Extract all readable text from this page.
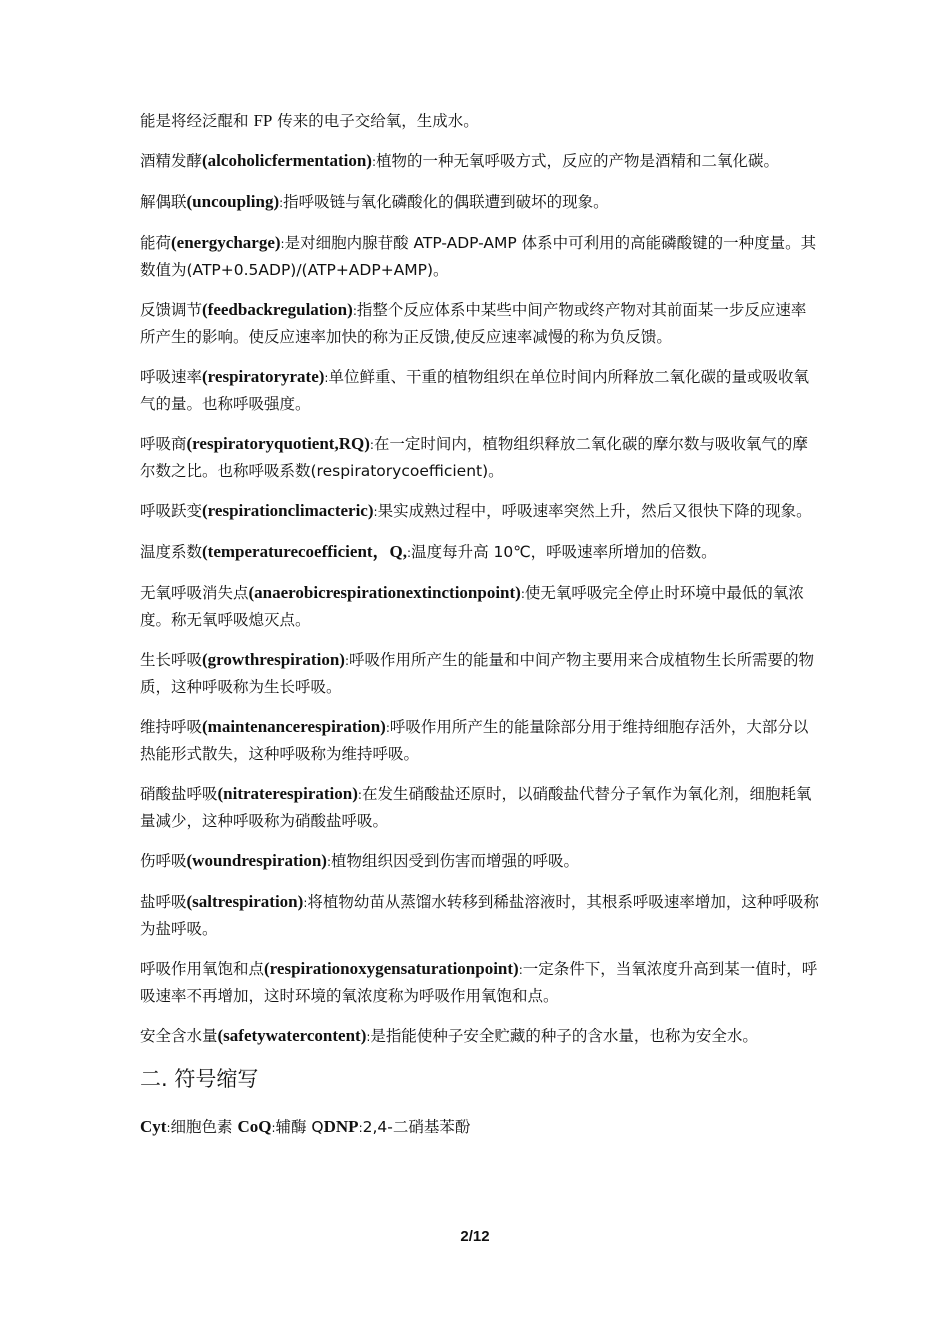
能是将经泛醌和 FP 传来的电子交给氧，生成水。

酒精发酵(alcoholicfermentation):植物的一种无氧呼吸方式，反应的产物是酒精和二氧化碳。

解偶联(uncoupling):指呼吸链与氧化磷酸化的偶联遭到破坏的现象。

能荷(energycharge):是对细胞内腺苷酸 ATP-ADP-AMP 体系中可利用的高能磷酸键的一种度量。其数值为(ATP+0.5ADP)/(ATP+ADP+AMP)。

反馈调节(feedbackregulation):指整个反应体系中某些中间产物或终产物对其前面某一步反应速率所产生的影响。使反应速率加快的称为正反馈,使反应速率减慢的称为负反馈。

呼吸速率(respiratoryrate):单位鲜重、干重的植物组织在单位时间内所释放二氧化碳的量或吸收氧气的量。也称呼吸强度。

呼吸商(respiratoryquotient,RQ):在一定时间内，植物组织释放二氧化碳的摩尔数与吸收氧气的摩尔数之比。也称呼吸系数(respiratorycoefficient)。

呼吸跃变(respirationclimacteric):果实成熟过程中，呼吸速率突然上升，然后又很快下降的现象。

温度系数(temperaturecoefficient，Q,:温度每升高 10℃，呼吸速率所增加的倍数。

无氧呼吸消失点(anaerobicrespirationextinctionpoint):使无氧呼吸完全停止时环境中最低的氧浓度。称无氧呼吸熄灭点。

生长呼吸(growthrespiration):呼吸作用所产生的能量和中间产物主要用来合成植物生长所需要的物质，这种呼吸称为生长呼吸。

维持呼吸(maintenancerespiration):呼吸作用所产生的能量除部分用于维持细胞存活外，大部分以热能形式散失，这种呼吸称为维持呼吸。

硝酸盐呼吸(nitraterespiration):在发生硝酸盐还原时，以硝酸盐代替分子氧作为氧化剂，细胞耗氧量减少，这种呼吸称为硝酸盐呼吸。

伤呼吸(woundrespiration):植物组织因受到伤害而增强的呼吸。

盐呼吸(saltrespiration):将植物幼苗从蒸馏水转移到稀盐溶液时，其根系呼吸速率增加，这种呼吸称为盐呼吸。

呼吸作用氧饱和点(respirationoxygensaturationpoint):一定条件下，当氧浓度升高到某一值时，呼吸速率不再增加，这时环境的氧浓度称为呼吸作用氧饱和点。

安全含水量(safetywatercontent):是指能使种子安全贮藏的种子的含水量，也称为安全水。

二. 符号缩写

Cyt:细胞色素 CoQ:辅酶 QDNP:2,4-二硝基苯酚

2/12
